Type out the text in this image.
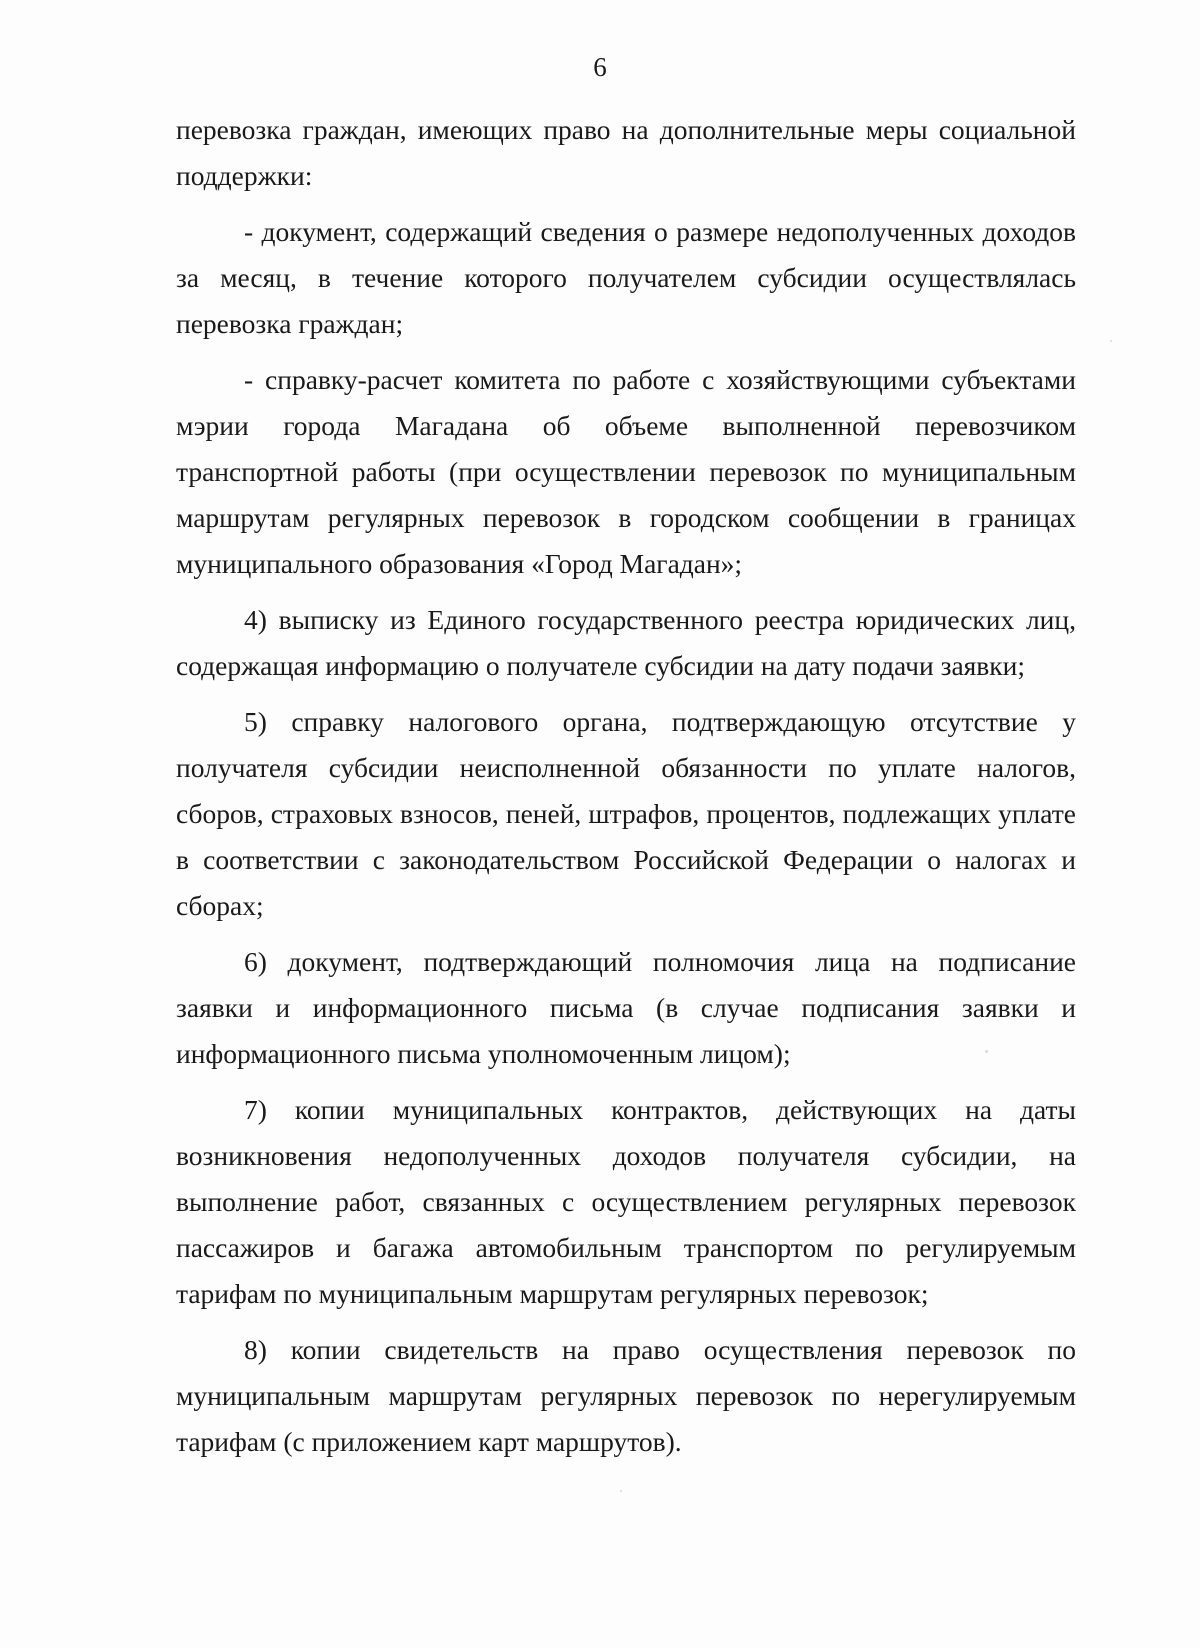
6

перевозка граждан, имеющих право на дополнительные меры социальной поддержки:

- документ, содержащий сведения о размере недополученных доходов за месяц, в течение которого получателем субсидии осуществлялась перевозка граждан;

- справку-расчет комитета по работе с хозяйствующими субъектами мэрии города Магадана об объеме выполненной перевозчиком транспортной работы (при осуществлении перевозок по муниципальным маршрутам регулярных перевозок в городском сообщении в границах муниципального образования «Город Магадан»;

4) выписку из Единого государственного реестра юридических лиц, содержащая информацию о получателе субсидии на дату подачи заявки;

5) справку налогового органа, подтверждающую отсутствие у получателя субсидии неисполненной обязанности по уплате налогов, сборов, страховых взносов, пеней, штрафов, процентов, подлежащих уплате в соответствии с законодательством Российской Федерации о налогах и сборах;

6) документ, подтверждающий полномочия лица на подписание заявки и информационного письма (в случае подписания заявки и информационного письма уполномоченным лицом);

7) копии муниципальных контрактов, действующих на даты возникновения недополученных доходов получателя субсидии, на выполнение работ, связанных с осуществлением регулярных перевозок пассажиров и багажа автомобильным транспортом по регулируемым тарифам по муниципальным маршрутам регулярных перевозок;

8) копии свидетельств на право осуществления перевозок по муниципальным маршрутам регулярных перевозок по нерегулируемым тарифам (с приложением карт маршрутов).
